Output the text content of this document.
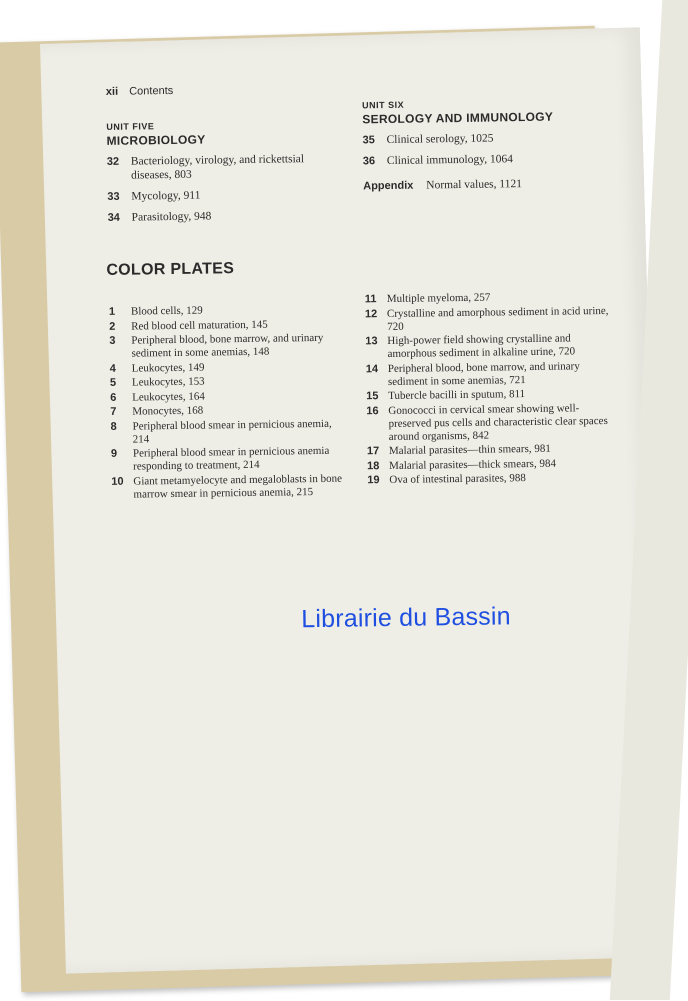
xii Contents
UNIT FIVE
MICROBIOLOGY
32	Bacteriology, virology, and rickettsial diseases, 803
33	Mycology, 911
34	Parasitology, 948
UNIT SIX
SEROLOGY AND IMMUNOLOGY
35	Clinical serology, 1025
36	Clinical immunology, 1064
Appendix Normal values, 1121
COLOR PLATES
1	Blood cells, 129
2	Red blood cell maturation, 145
3	Peripheral blood, bone marrow, and urinary sediment in some anemias, 148
4	Leukocytes, 149
5	Leukocytes, 153
6	Leukocytes, 164
7	Monocytes, 168
8	Peripheral blood smear in pernicious anemia, 214
9	Peripheral blood smear in pernicious anemia responding to treatment, 214
10 Giant metamyelocyte and megaloblasts in bone marrow smear in pernicious anemia, 215
11 Multiple myeloma, 257
12 Crystalline and amorphous sediment in acid urine, 720
13 High-power field showing crystalline and amorphous sediment in alkaline urine, 720
14 Peripheral blood, bone marrow, and urinary sediment in some anemias, 721
15 Tubercle bacilli in sputum, 811
16 Gonococci in cervical smear showing well-preserved pus cells and characteristic clear spaces around organisms, 842
17 Malarial parasites—thin smears, 981
18 Malarial parasites—thick smears, 984
19 Ova of intestinal parasites, 988
Librairie du Bassin
